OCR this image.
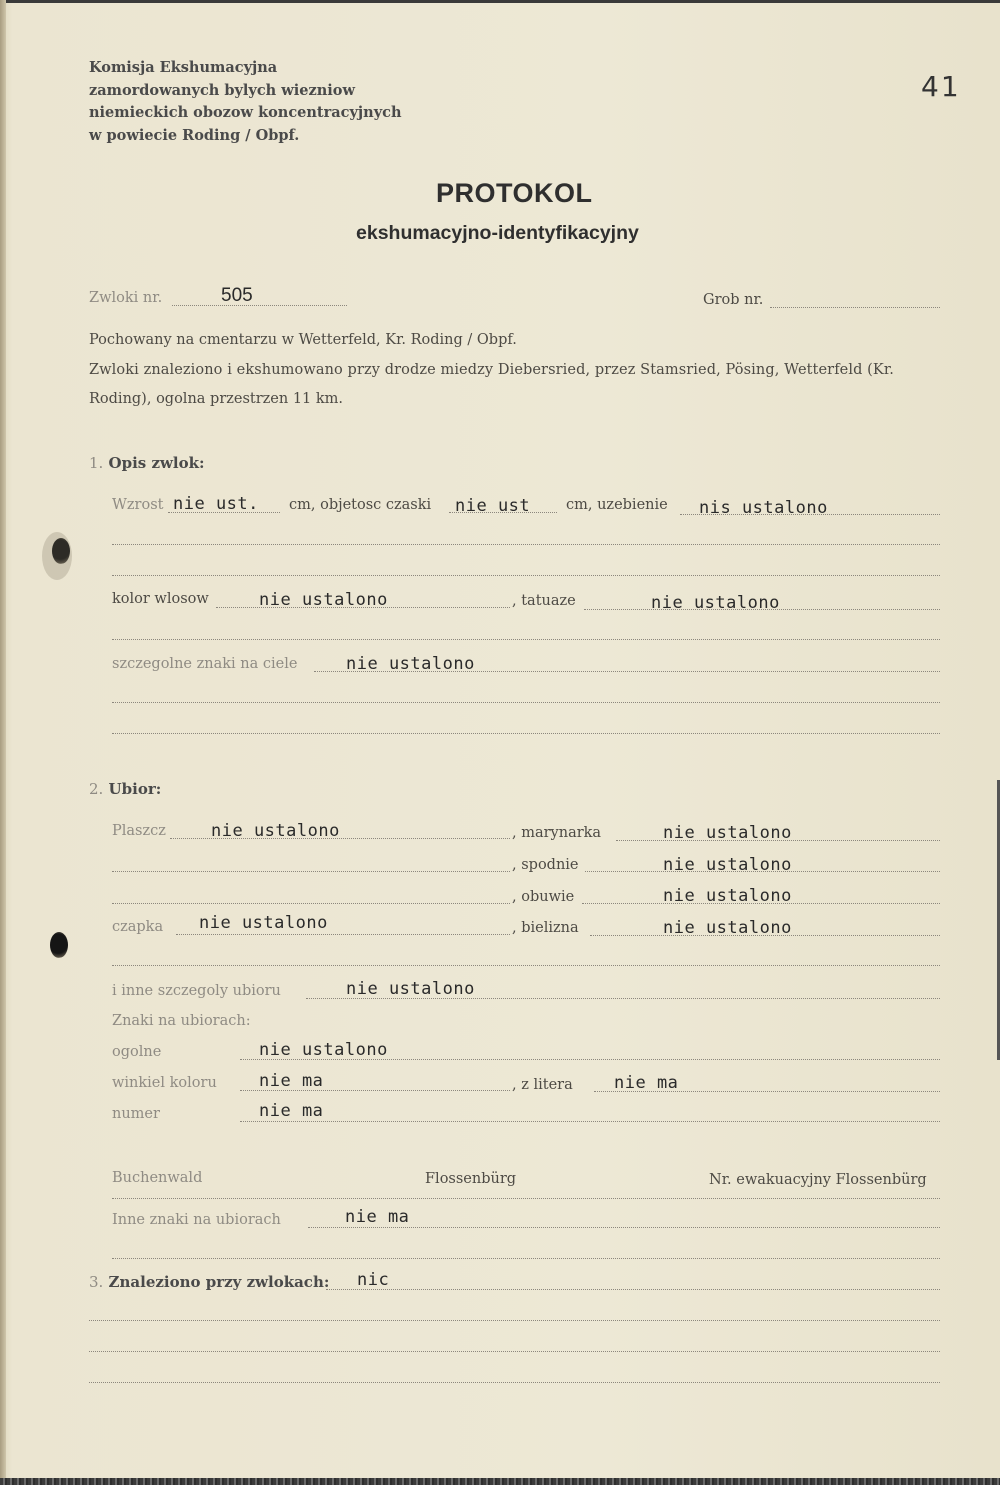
Komisja Ekshumacyjna
zamordowanych bylych wiezniow
niemieckich obozow koncentracyjnych
w powiecie Roding / Obpf.
41
PROTOKOL
ekshumacyjno-identyfikacyjny
Zwloki nr.	505	Grob nr.
Pochowany na cmentarzu w Wetterfeld, Kr. Roding / Obpf.
Zwloki znaleziono i ekshumowano przy drodze miedzy Diebersried, przez Stamsried, Pösing, Wetterfeld (Kr.
Roding), ogolna przestrzen 11 km.
1. Opis zwlok:
Wzrost nie ust. cm, objetosc czaski nie ust cm, uzebienie nis ustalono
kolor wlosow	nie ustalono	, tatuaze	nie ustalono
szczegolne znaki na ciele	nie ustalono
2. Ubior:
Plaszcz	nie ustalono	, marynarka	nie ustalono
, spodnie	nie ustalono
, obuwie	nie ustalono
czapka nie ustalono	, bielizna	nie ustalono
i inne szczegoly ubioru	nie ustalono
Znaki na ubiorach:
ogolne	nie ustalono
winkiel koloru nie ma	, z litera nie ma
numer	nie ma
Buchenwald	Flossenbürg	Nr. ewakuacyjny Flossenbürg
Inne znaki na ubiorach	nie ma
3. Znaleziono przy zwlokach: nic
